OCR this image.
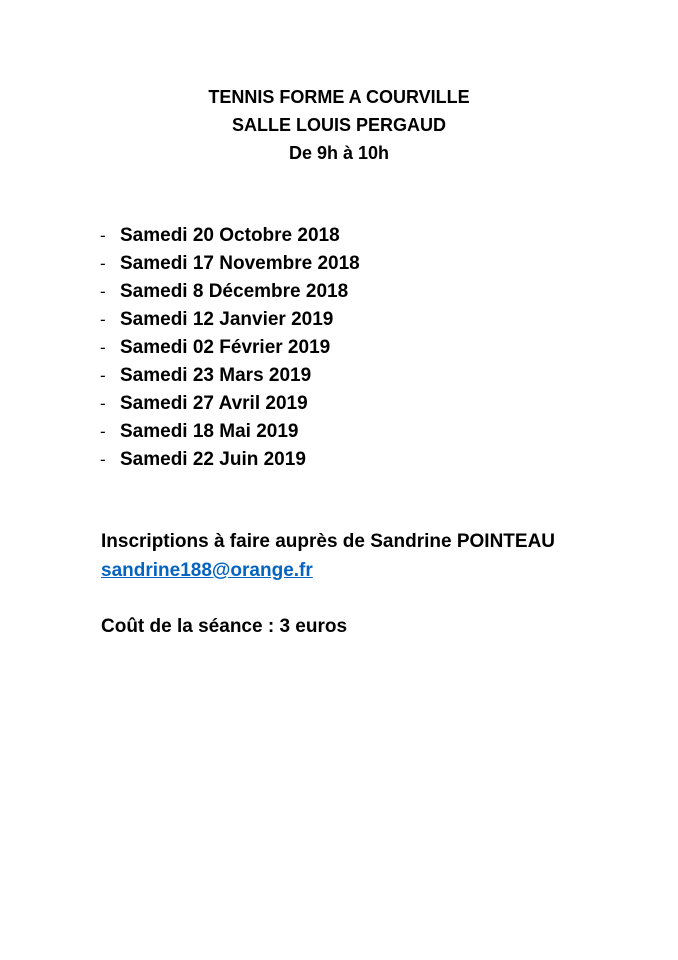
TENNIS FORME A COURVILLE
SALLE LOUIS PERGAUD
De 9h à 10h
- Samedi 20 Octobre 2018
- Samedi 17 Novembre 2018
- Samedi 8 Décembre 2018
- Samedi 12 Janvier 2019
- Samedi 02 Février 2019
- Samedi 23 Mars 2019
- Samedi 27 Avril 2019
- Samedi 18 Mai 2019
- Samedi 22 Juin 2019
Inscriptions à faire auprès de Sandrine POINTEAU
sandrine188@orange.fr
Coût de la séance : 3 euros
